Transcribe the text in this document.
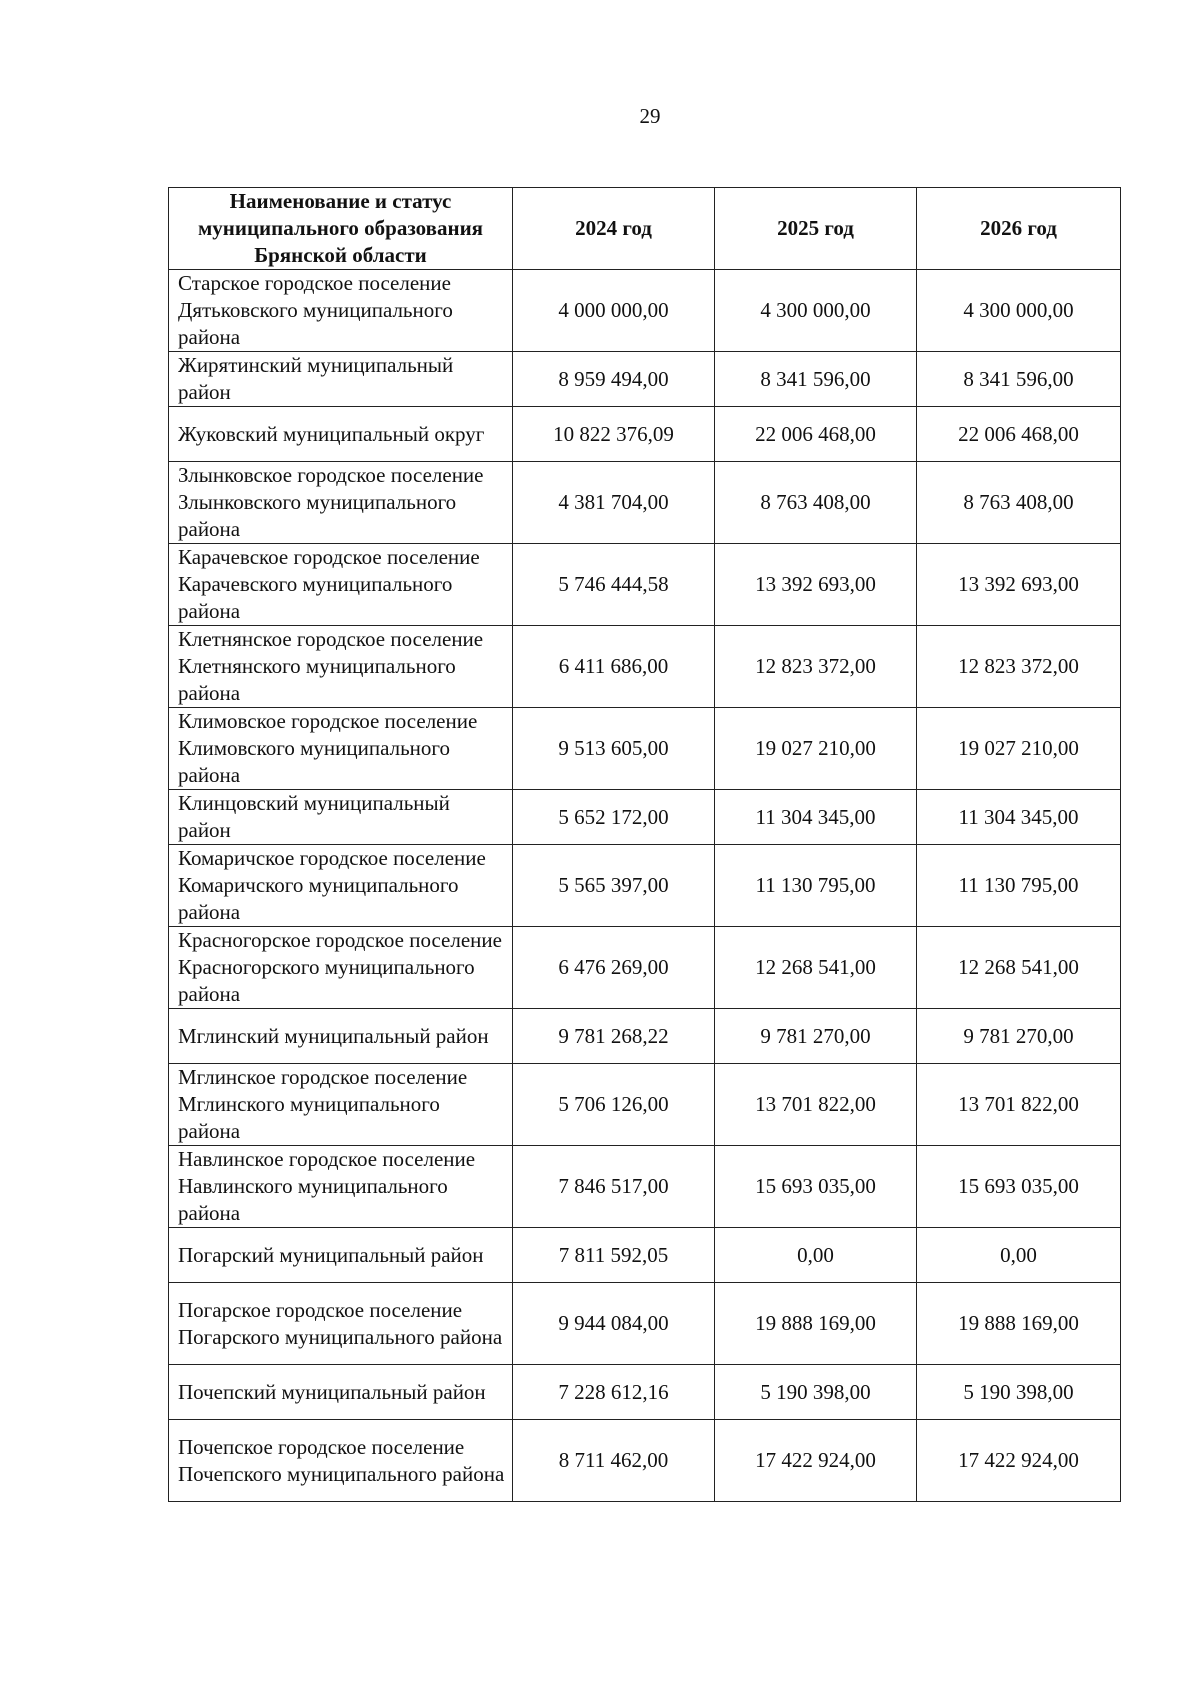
29
Наименование и статус муниципального образования Брянской области	2024 год	2025 год	2026 год
Старское городское поселение Дятьковского муниципального района	4 000 000,00	4 300 000,00	4 300 000,00
Жирятинский муниципальный район	8 959 494,00	8 341 596,00	8 341 596,00
Жуковский муниципальный округ	10 822 376,09	22 006 468,00	22 006 468,00
Злынковское городское поселение Злынковского муниципального района	4 381 704,00	8 763 408,00	8 763 408,00
Карачевское городское поселение Карачевского муниципального района	5 746 444,58	13 392 693,00	13 392 693,00
Клетнянское городское поселение Клетнянского муниципального района	6 411 686,00	12 823 372,00	12 823 372,00
Климовское городское поселение Климовского муниципального района	9 513 605,00	19 027 210,00	19 027 210,00
Клинцовский муниципальный район	5 652 172,00	11 304 345,00	11 304 345,00
Комаричское городское поселение Комаричского муниципального района	5 565 397,00	11 130 795,00	11 130 795,00
Красногорское городское поселение Красногорского муниципального района	6 476 269,00	12 268 541,00	12 268 541,00
Мглинский муниципальный район	9 781 268,22	9 781 270,00	9 781 270,00
Мглинское городское поселение Мглинского муниципального района	5 706 126,00	13 701 822,00	13 701 822,00
Навлинское городское поселение Навлинского муниципального района	7 846 517,00	15 693 035,00	15 693 035,00
Погарский муниципальный район	7 811 592,05	0,00	0,00
Погарское городское поселение Погарского муниципального района	9 944 084,00	19 888 169,00	19 888 169,00
Почепский муниципальный район	7 228 612,16	5 190 398,00	5 190 398,00
Почепское городское поселение Почепского муниципального района	8 711 462,00	17 422 924,00	17 422 924,00
